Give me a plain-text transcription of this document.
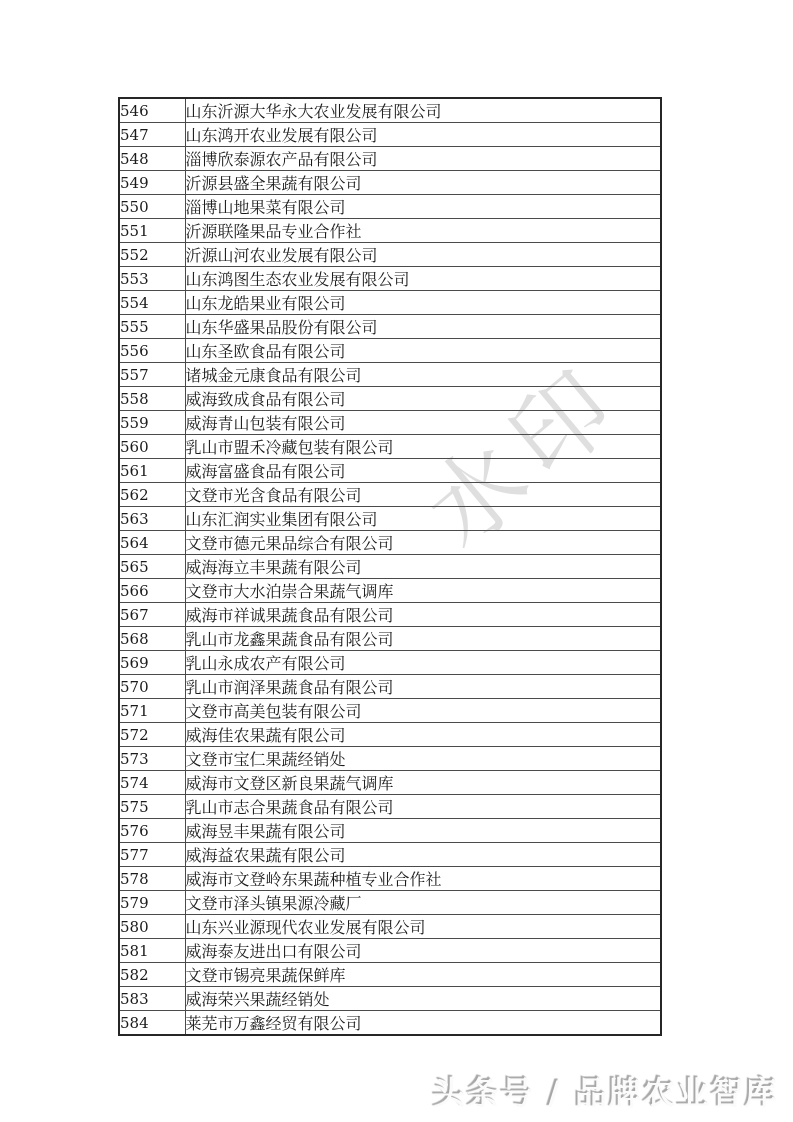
水印
546	山东沂源大华永大农业发展有限公司
547	山东鸿开农业发展有限公司
548	淄博欣泰源农产品有限公司
549	沂源县盛全果蔬有限公司
550	淄博山地果菜有限公司
551	沂源联隆果品专业合作社
552	沂源山河农业发展有限公司
553	山东鸿图生态农业发展有限公司
554	山东龙皓果业有限公司
555	山东华盛果品股份有限公司
556	山东圣欧食品有限公司
557	诸城金元康食品有限公司
558	威海致成食品有限公司
559	威海青山包装有限公司
560	乳山市盟禾冷藏包装有限公司
561	威海富盛食品有限公司
562	文登市光含食品有限公司
563	山东汇润实业集团有限公司
564	文登市德元果品综合有限公司
565	威海海立丰果蔬有限公司
566	文登市大水泊崇合果蔬气调库
567	威海市祥诚果蔬食品有限公司
568	乳山市龙鑫果蔬食品有限公司
569	乳山永成农产有限公司
570	乳山市润泽果蔬食品有限公司
571	文登市高美包装有限公司
572	威海佳农果蔬有限公司
573	文登市宝仁果蔬经销处
574	威海市文登区新良果蔬气调库
575	乳山市志合果蔬食品有限公司
576	威海昱丰果蔬有限公司
577	威海益农果蔬有限公司
578	威海市文登岭东果蔬种植专业合作社
579	文登市泽头镇果源冷藏厂
580	山东兴业源现代农业发展有限公司
581	威海泰友进出口有限公司
582	文登市锡亮果蔬保鲜库
583	威海荣兴果蔬经销处
584	莱芜市万鑫经贸有限公司
头条号 / 品牌农业智库
